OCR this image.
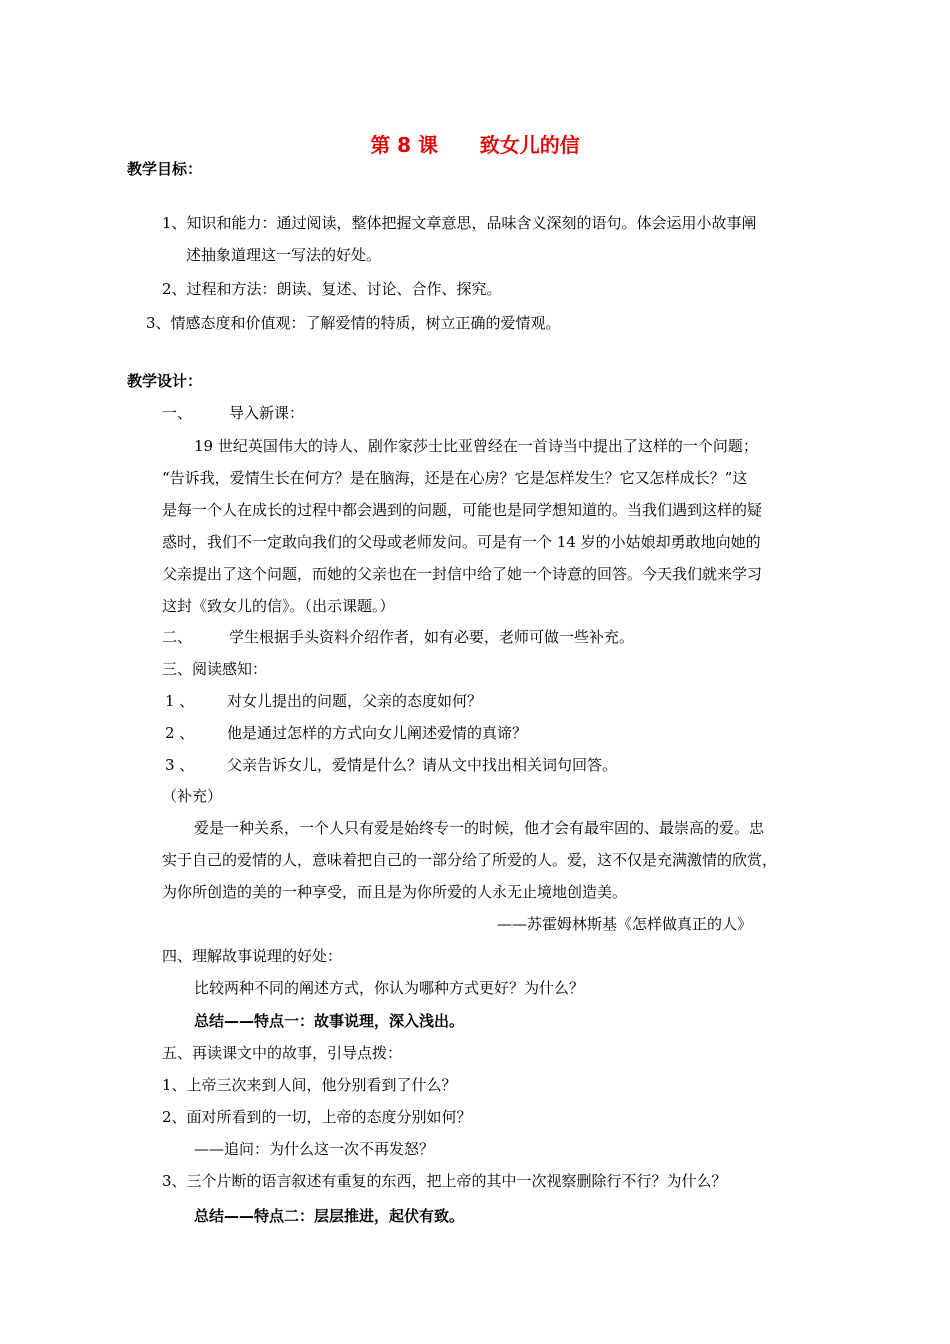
第 8 课      致女儿的信
教学目标：
1、知识和能力：通过阅读，整体把握文章意思，品味含义深刻的语句。体会运用小故事阐
述抽象道理这一写法的好处。
2、过程和方法：朗读、复述、讨论、合作、探究。
3、情感态度和价值观：了解爱情的特质，树立正确的爱情观。
教学设计：
一、 导入新课：
19 世纪英国伟大的诗人、剧作家莎士比亚曾经在一首诗当中提出了这样的一个问题；
“告诉我，爱情生长在何方？是在脑海，还是在心房？它是怎样发生？它又怎样成长？”这
是每一个人在成长的过程中都会遇到的问题，可能也是同学想知道的。当我们遇到这样的疑
惑时，我们不一定敢向我们的父母或老师发问。可是有一个 14 岁的小姑娘却勇敢地向她的
父亲提出了这个问题，而她的父亲也在一封信中给了她一个诗意的回答。今天我们就来学习
这封《致女儿的信》。（出示课题。）
二、 学生根据手头资料介绍作者，如有必要，老师可做一些补充。
三、阅读感知：
1 、 对女儿提出的问题，父亲的态度如何？
2 、 他是通过怎样的方式向女儿阐述爱情的真谛？
3 、 父亲告诉女儿，爱情是什么？请从文中找出相关词句回答。
（补充）
爱是一种关系，一个人只有爱是始终专一的时候，他才会有最牢固的、最崇高的爱。忠
实于自己的爱情的人，意味着把自己的一部分给了所爱的人。爱，这不仅是充满激情的欣赏，
为你所创造的美的一种享受，而且是为你所爱的人永无止境地创造美。
——苏霍姆林斯基《怎样做真正的人》
四、理解故事说理的好处：
比较两种不同的阐述方式，你认为哪种方式更好？为什么？
总结——特点一：故事说理，深入浅出。
五、再读课文中的故事，引导点拨：
1、上帝三次来到人间，他分别看到了什么？
2、面对所看到的一切，上帝的态度分别如何？
——追问：为什么这一次不再发怒？
3、三个片断的语言叙述有重复的东西，把上帝的其中一次视察删除行不行？为什么？
总结——特点二：层层推进，起伏有致。
